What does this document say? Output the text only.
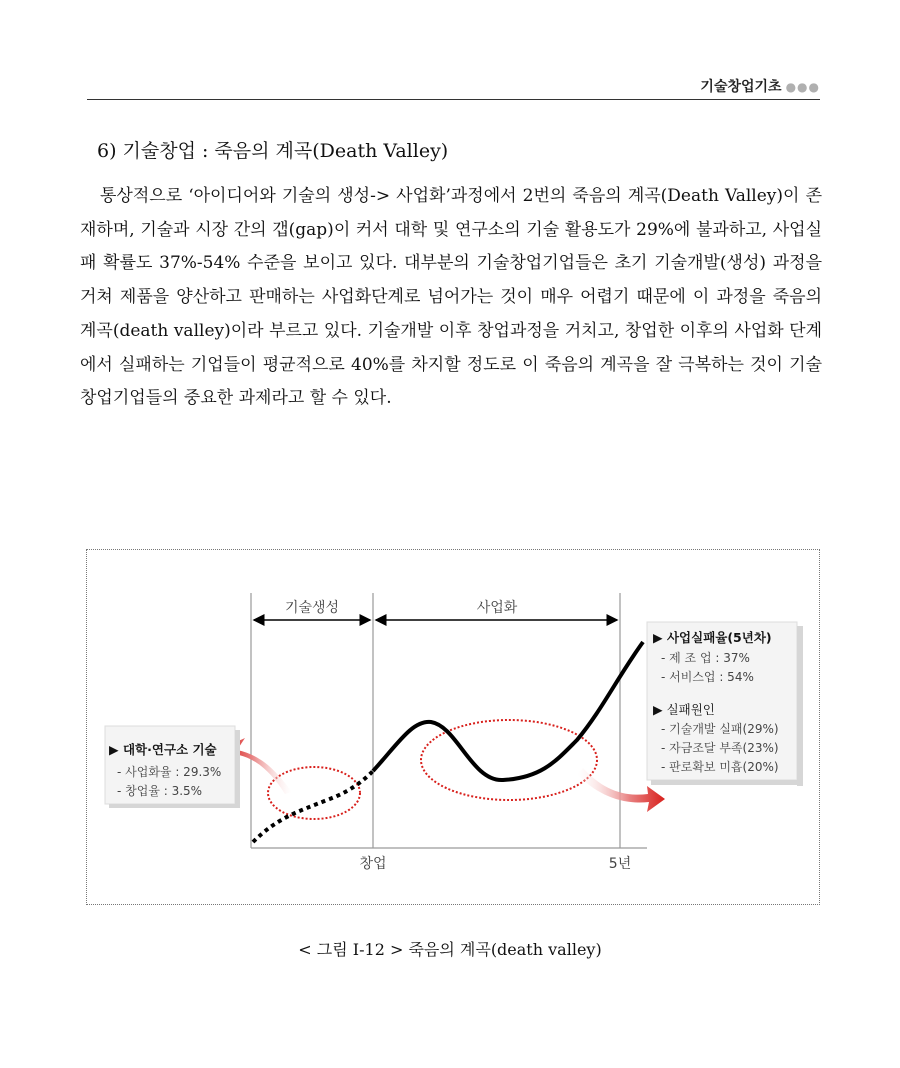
기술창업기초 ●●●
6) 기술창업 : 죽음의 계곡(Death Valley)

통상적으로 ‘아이디어와 기술의 생성-> 사업화’과정에서 2번의 죽음의 계곡(Death Valley)이 존재하며, 기술과 시장 간의 갭(gap)이 커서 대학 및 연구소의 기술 활용도가 29%에 불과하고, 사업실패 확률도 37%-54% 수준을 보이고 있다. 대부분의 기술창업기업들은 초기 기술개발(생성) 과정을 거쳐 제품을 양산하고 판매하는 사업화단계로 넘어가는 것이 매우 어렵기 때문에 이 과정을 죽음의 계곡(death valley)이라 부르고 있다. 기술개발 이후 창업과정을 거치고, 창업한 이후의 사업화 단계에서 실패하는 기업들이 평균적으로 40%를 차지할 정도로 이 죽음의 계곡을 잘 극복하는 것이 기술창업기업들의 중요한 과제라고 할 수 있다.

기술생성	사업화
창업	5년
▶ 대학·연구소 기술
- 사업화율 : 29.3%
- 창업율 : 3.5%
▶ 사업실패율(5년차)
- 제 조 업 : 37%
- 서비스업 : 54%
▶ 실패원인
- 기술개발 실패(29%)
- 자금조달 부족(23%)
- 판로확보 미흡(20%)
< 그림 Ⅰ-12 > 죽음의 계곡(death valley)
